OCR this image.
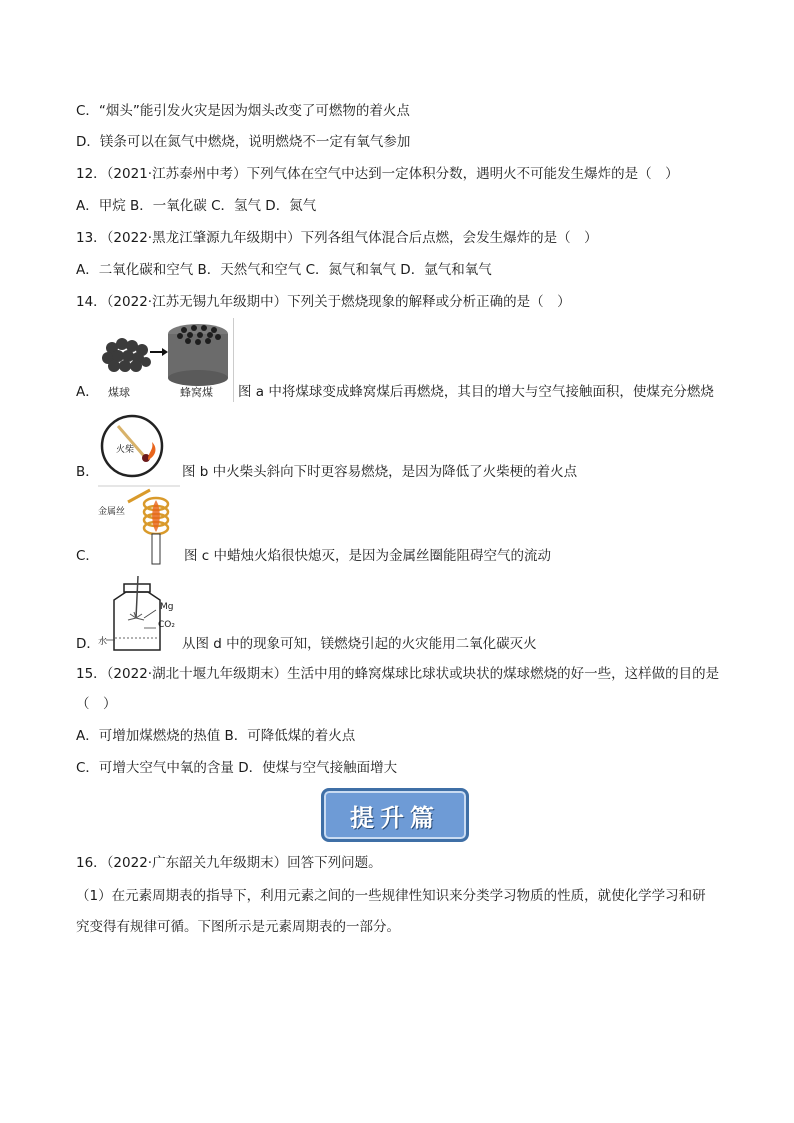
C．“烟头”能引发火灾是因为烟头改变了可燃物的着火点
D．镁条可以在氮气中燃烧，说明燃烧不一定有氧气参加
12．（2021·江苏泰州中考）下列气体在空气中达到一定体积分数，遇明火不可能发生爆炸的是（　）
A．甲烷 B．一氧化碳 C．氢气 D．氮气
13．（2022·黑龙江肇源九年级期中）下列各组气体混合后点燃，会发生爆炸的是（　）
A．二氧化碳和空气 B．天然气和空气 C．氮气和氧气 D．氩气和氧气
14．（2022·江苏无锡九年级期中）下列关于燃烧现象的解释或分析正确的是（　）
A． 煤球	蜂窝煤 图 a 中将煤球变成蜂窝煤后再燃烧，其目的增大与空气接触面积，使煤充分燃烧
B．
火柴
图 b 中火柴头斜向下时更容易燃烧，是因为降低了火柴梗的着火点
C．
金属丝
图 c 中蜡烛火焰很快熄灭，是因为金属丝圈能阻碍空气的流动
D．
Mg
CO₂
水	从图 d 中的现象可知，镁燃烧引起的火灾能用二氧化碳灭火
15．（2022·湖北十堰九年级期末）生活中用的蜂窝煤球比球状或块状的煤球燃烧的好一些，这样做的目的是
（　）
A．可增加煤燃烧的热值 B．可降低煤的着火点
C．可增大空气中氧的含量 D．使煤与空气接触面增大
提升篇
16．（2022·广东韶关九年级期末）回答下列问题。
（1）在元素周期表的指导下，利用元素之间的一些规律性知识来分类学习物质的性质，就使化学学习和研
究变得有规律可循。下图所示是元素周期表的一部分。
